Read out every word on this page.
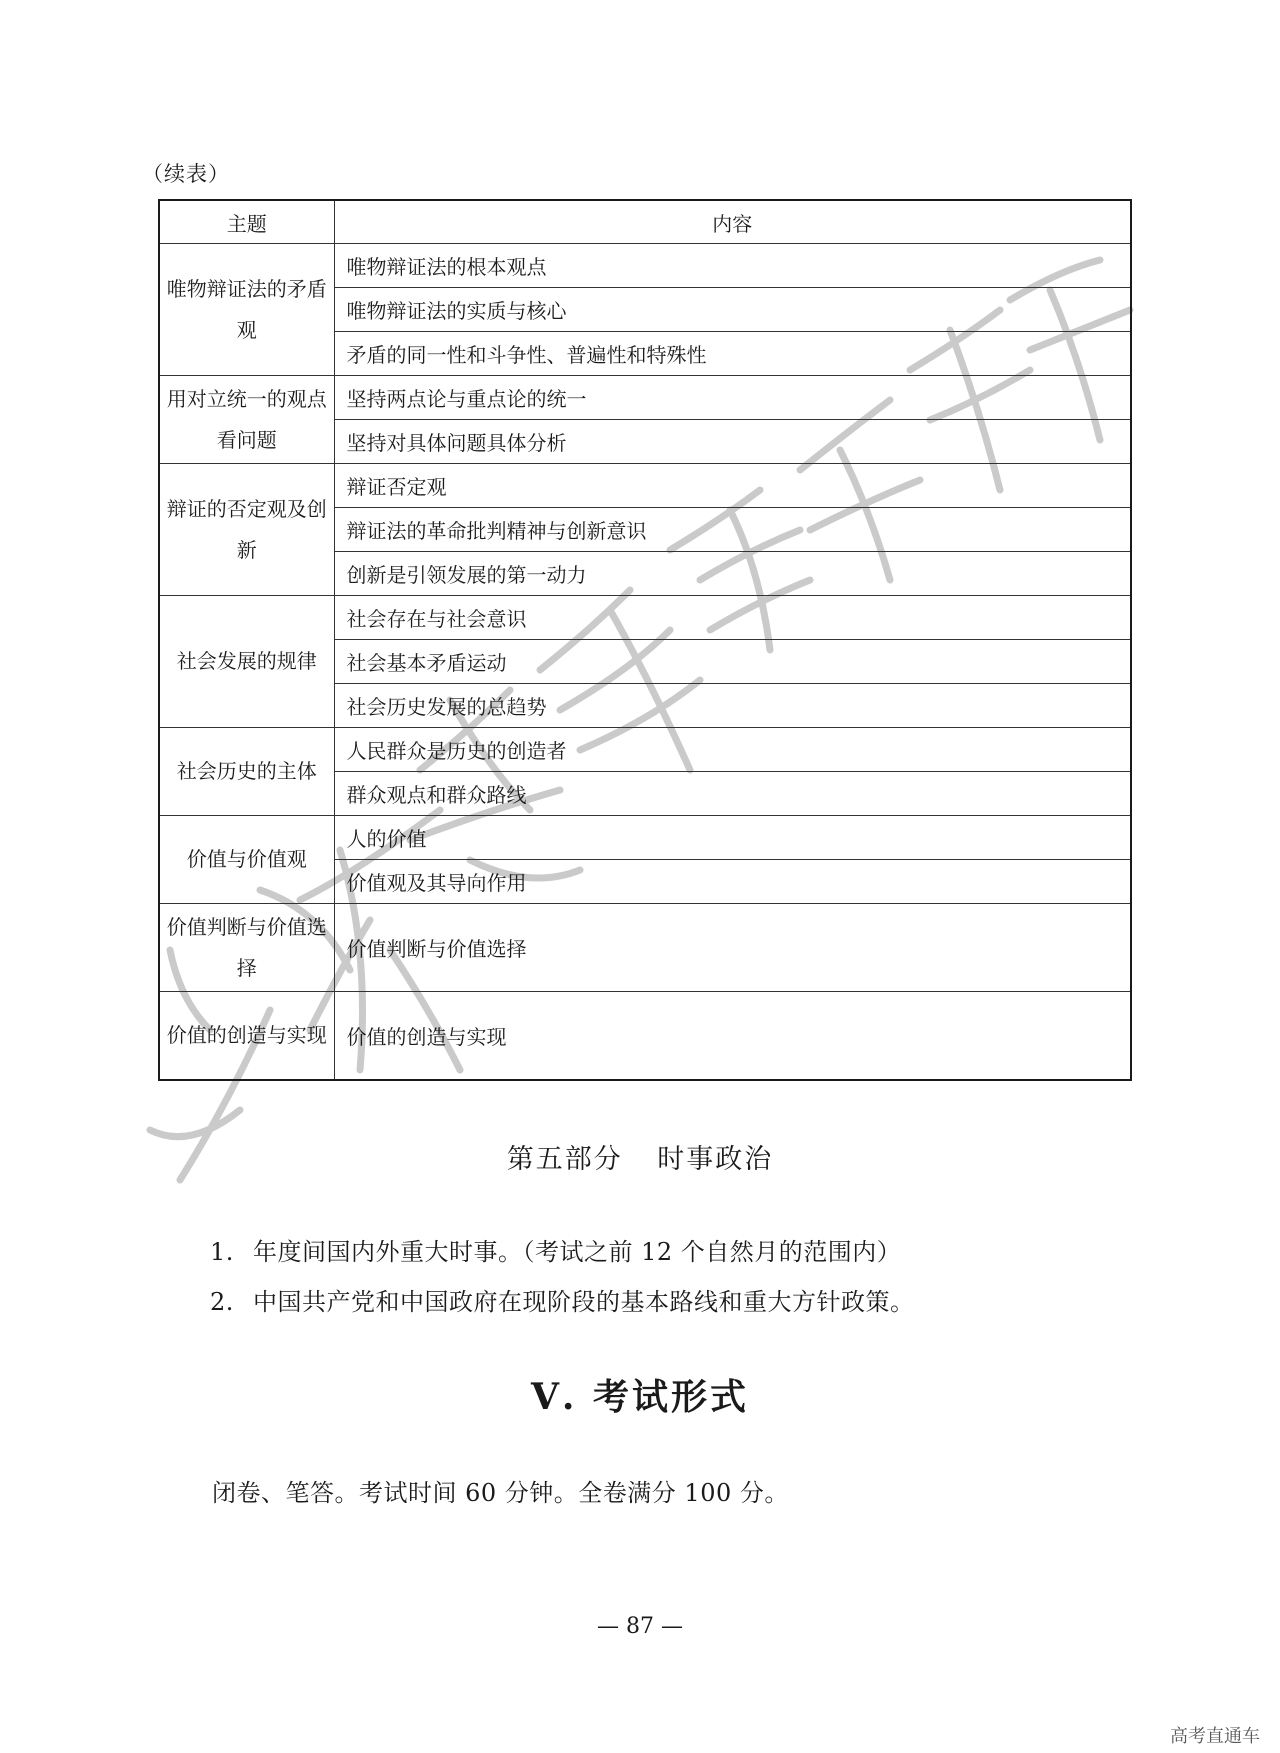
（续表）
主题	内容
唯物辩证法的矛盾观	唯物辩证法的根本观点
	唯物辩证法的实质与核心
	矛盾的同一性和斗争性、普遍性和特殊性
用对立统一的观点看问题	坚持两点论与重点论的统一
	坚持对具体问题具体分析
辩证的否定观及创新	辩证否定观
	辩证法的革命批判精神与创新意识
	创新是引领发展的第一动力
社会发展的规律	社会存在与社会意识
	社会基本矛盾运动
	社会历史发展的总趋势
社会历史的主体	人民群众是历史的创造者
	群众观点和群众路线
价值与价值观	人的价值
	价值观及其导向作用
价值判断与价值选择	价值判断与价值选择
价值的创造与实现	价值的创造与实现
第五部分 时事政治
1. 年度间国内外重大时事。（考试之前 12 个自然月的范围内）
2. 中国共产党和中国政府在现阶段的基本路线和重大方针政策。
Ⅴ. 考试形式
闭卷、笔答。考试时间 60 分钟。全卷满分 100 分。
— 87 —
高考直通车
